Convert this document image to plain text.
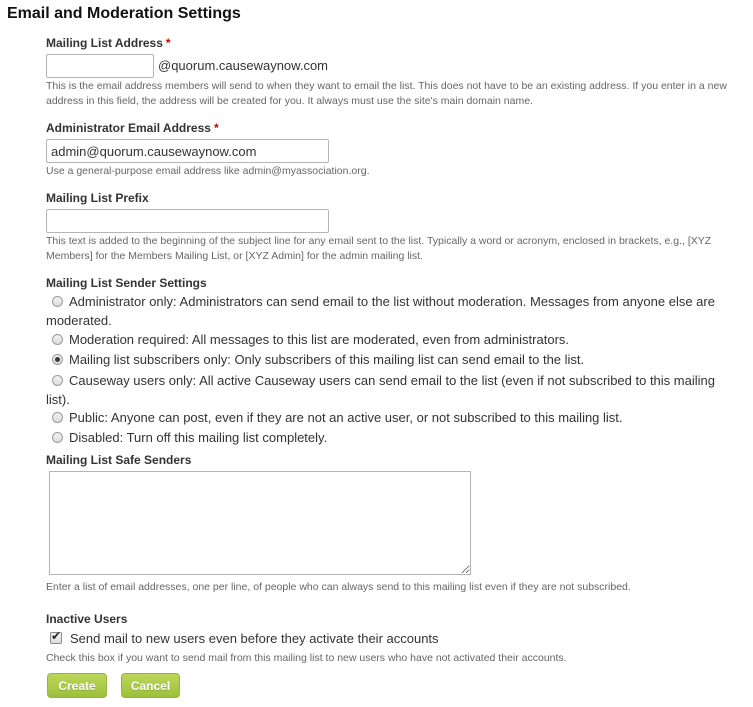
Email and Moderation Settings
Mailing List Address *
@quorum.causewaynow.com
This is the email address members will send to when they want to email the list. This does not have to be an existing address. If you enter in a new address in this field, the address will be created for you. It always must use the site's main domain name.
Administrator Email Address *
admin@quorum.causewaynow.com
Use a general-purpose email address like admin@myassociation.org.
Mailing List Prefix
This text is added to the beginning of the subject line for any email sent to the list. Typically a word or acronym, enclosed in brackets, e.g., [XYZ Members] for the Members Mailing List, or [XYZ Admin] for the admin mailing list.
Mailing List Sender Settings
Administrator only: Administrators can send email to the list without moderation. Messages from anyone else are moderated.
Moderation required: All messages to this list are moderated, even from administrators.
Mailing list subscribers only: Only subscribers of this mailing list can send email to the list.
Causeway users only: All active Causeway users can send email to the list (even if not subscribed to this mailing list).
Public: Anyone can post, even if they are not an active user, or not subscribed to this mailing list.
Disabled: Turn off this mailing list completely.
Mailing List Safe Senders
Enter a list of email addresses, one per line, of people who can always send to this mailing list even if they are not subscribed.
Inactive Users
✔ Send mail to new users even before they activate their accounts
Check this box if you want to send mail from this mailing list to new users who have not activated their accounts.
Create	Cancel
